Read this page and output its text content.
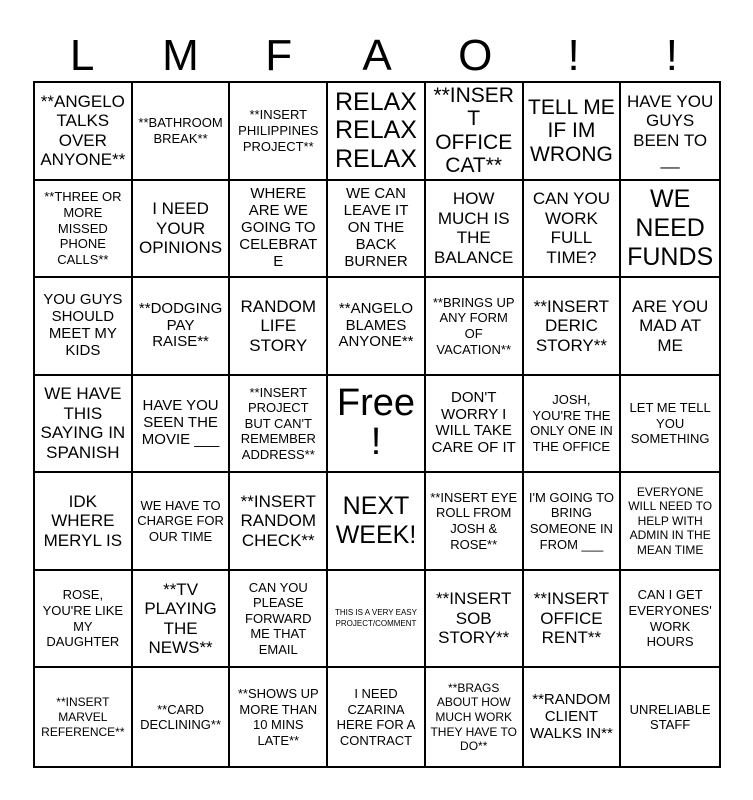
L	M	F	A	O	!	!
**ANGELO TALKS OVER ANYONE**
**BATHROOM BREAK**
**INSERT PHILIPPINES PROJECT**
RELAX RELAX RELAX
**INSERT OFFICE CAT**
TELL ME IF IM WRONG
HAVE YOU GUYS BEEN TO __
**THREE OR MORE MISSED PHONE CALLS**
I NEED YOUR OPINIONS
WHERE ARE WE GOING TO CELEBRATE
WE CAN LEAVE IT ON THE BACK BURNER
HOW MUCH IS THE BALANCE
CAN YOU WORK FULL TIME?
WE NEED FUNDS
YOU GUYS SHOULD MEET MY KIDS
**DODGING PAY RAISE**
RANDOM LIFE STORY
**ANGELO BLAMES ANYONE**
**BRINGS UP ANY FORM OF VACATION**
**INSERT DERIC STORY**
ARE YOU MAD AT ME
WE HAVE THIS SAYING IN SPANISH
HAVE YOU SEEN THE MOVIE ___
**INSERT PROJECT BUT CAN'T REMEMBER ADDRESS**
Free!
DON'T WORRY I WILL TAKE CARE OF IT
JOSH, YOU'RE THE ONLY ONE IN THE OFFICE
LET ME TELL YOU SOMETHING
IDK WHERE MERYL IS
WE HAVE TO CHARGE FOR OUR TIME
**INSERT RANDOM CHECK**
NEXT WEEK!
**INSERT EYE ROLL FROM JOSH & ROSE**
I'M GOING TO BRING SOMEONE IN FROM ___
EVERYONE WILL NEED TO HELP WITH ADMIN IN THE MEAN TIME
ROSE, YOU'RE LIKE MY DAUGHTER
**TV PLAYING THE NEWS**
CAN YOU PLEASE FORWARD ME THAT EMAIL
THIS IS A VERY EASY PROJECT/COMMENT
**INSERT SOB STORY**
**INSERT OFFICE RENT**
CAN I GET EVERYONES' WORK HOURS
**INSERT MARVEL REFERENCE**
**CARD DECLINING**
**SHOWS UP MORE THAN 10 MINS LATE**
I NEED CZARINA HERE FOR A CONTRACT
**BRAGS ABOUT HOW MUCH WORK THEY HAVE TO DO**
**RANDOM CLIENT WALKS IN**
UNRELIABLE STAFF
